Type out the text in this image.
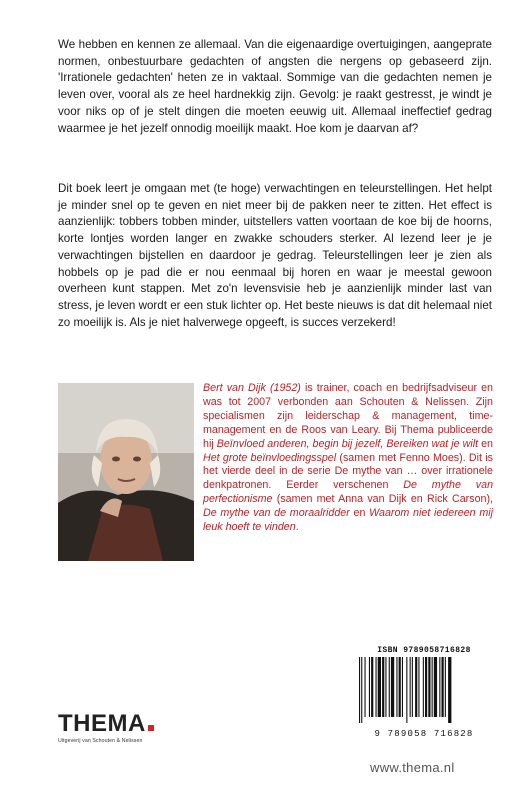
We hebben en kennen ze allemaal. Van die eigenaardige overtuigingen, aangeprate normen, onbestuurbare gedachten of angsten die nergens op gebaseerd zijn. 'Irrationele gedachten' heten ze in vaktaal. Sommige van die gedachten nemen je leven over, vooral als ze heel hardnekkig zijn. Gevolg: je raakt gestresst, je windt je voor niks op of je stelt dingen die moeten eeuwig uit. Allemaal ineffectief gedrag waarmee je het jezelf onnodig moeilijk maakt. Hoe kom je daarvan af?

Dit boek leert je omgaan met (te hoge) verwachtingen en teleurstellingen. Het helpt je minder snel op te geven en niet meer bij de pakken neer te zitten. Het effect is aanzienlijk: tobbers tobben minder, uitstellers vatten voortaan de koe bij de hoorns, korte lontjes worden langer en zwakke schouders sterker. Al lezend leer je je verwachtingen bijstellen en daardoor je gedrag. Teleurstellingen leer je zien als hobbels op je pad die er nou eenmaal bij horen en waar je meestal gewoon overheen kunt stappen. Met zo'n levensvisie heb je aanzienlijk minder last van stress, je leven wordt er een stuk lichter op. Het beste nieuws is dat dit helemaal niet zo moeilijk is. Als je niet halverwege opgeeft, is succes verzekerd!

Bert van Dijk (1952) is trainer, coach en bedrijfsadviseur en was tot 2007 verbonden aan Schouten & Nelissen. Zijn specialismen zijn leiderschap & management, time-management en de Roos van Leary. Bij Thema publiceerde hij Beïnvloed anderen, begin bij jezelf, Bereiken wat je wilt en Het grote beïnvloedingsspel (samen met Fenno Moes). Dit is het vierde deel in de serie De mythe van … over irrationele denkpatronen. Eerder verschenen De mythe van perfectionisme (samen met Anna van Dijk en Rick Carson), De mythe van de moraalridder en Waarom niet iedereen mij leuk hoeft te vinden.

ISBN 9789058716828

9 789058 716828
THEMA
Uitgeverij van Schouten & Nelissen
www.thema.nl
